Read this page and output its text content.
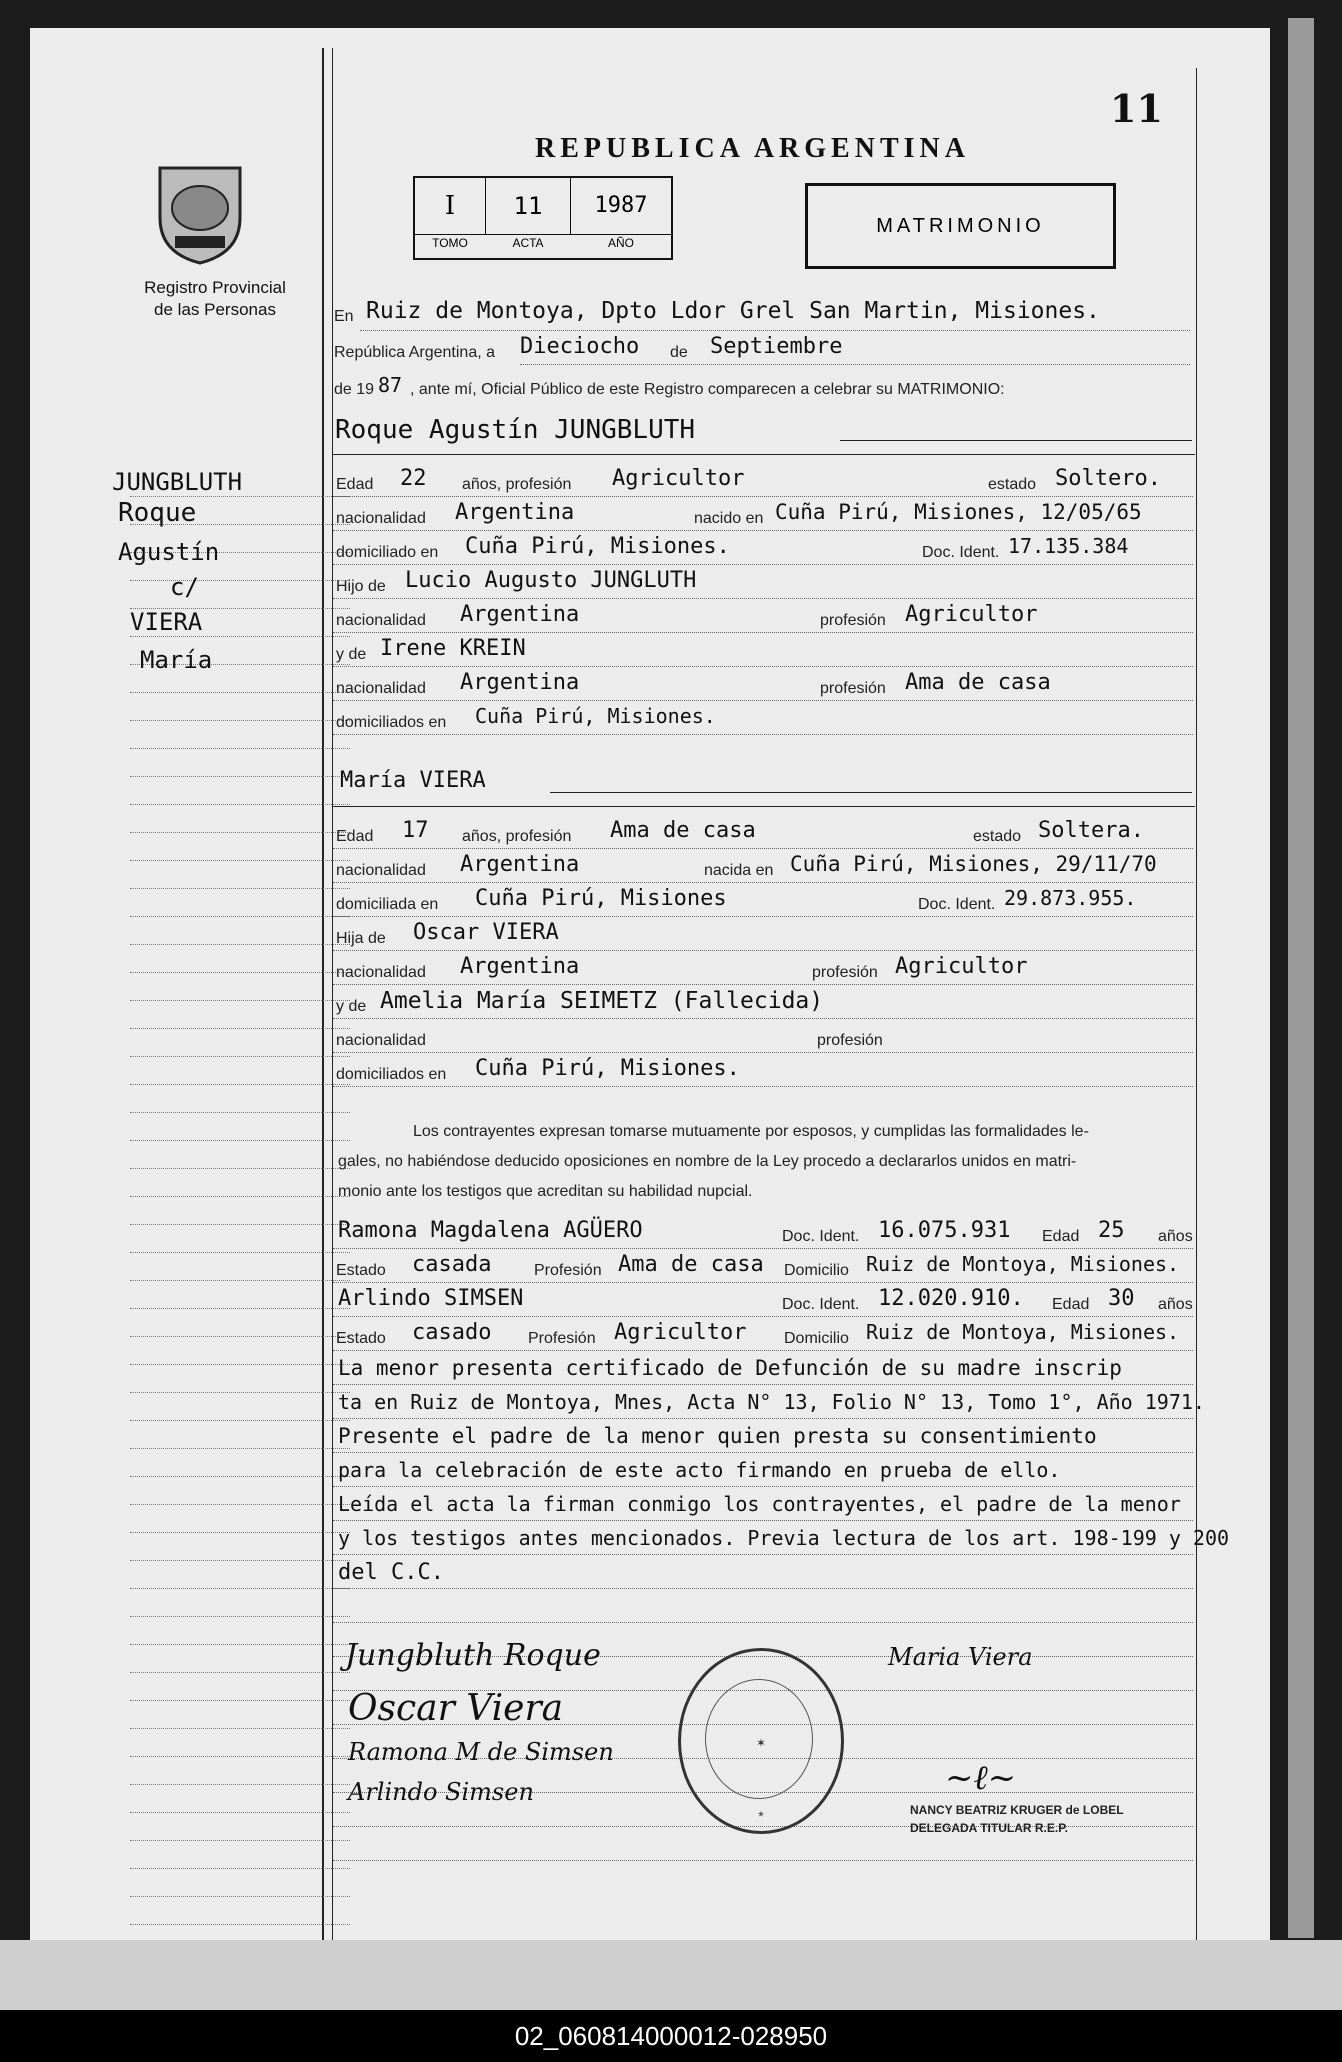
11
REPUBLICA ARGENTINA
Registro Provincial
de las Personas
I	11	1987
TOMO	ACTA	AÑO
MATRIMONIO
JUNGBLUTH
Roque
Agustín
c/
VIERA
María
En Ruiz de Montoya, Dpto Ldor Grel San Martin, Misiones.
República Argentina, a Dieciocho de Septiembre
de 19 87 , ante mí, Oficial Público de este Registro comparecen a celebrar su MATRIMONIO:
Roque Agustín JUNGBLUTH
Edad 22 años, profesión Agricultor	estado Soltero.
nacionalidad Argentina	nacido en Cuña Pirú, Misiones, 12/05/65
domiciliado en Cuña Pirú, Misiones.	Doc. Ident. 17.135.384
Hijo de Lucio Augusto JUNGLUTH
nacionalidad Argentina	profesión Agricultor
y de Irene KREIN
nacionalidad Argentina	profesión Ama de casa
domiciliados en Cuña Pirú, Misiones.
María VIERA
Edad 17 años, profesión Ama de casa	estado Soltera.
nacionalidad Argentina	nacida en Cuña Pirú, Misiones, 29/11/70
domiciliada en Cuña Pirú, Misiones	Doc. Ident. 29.873.955.
Hija de Oscar VIERA
nacionalidad Argentina	profesión Agricultor
y de Amelia María SEIMETZ (Fallecida)
nacionalidad	profesión
domiciliados en Cuña Pirú, Misiones.
Los contrayentes expresan tomarse mutuamente por esposos, y cumplidas las formalidades le-
gales, no habiéndose deducido oposiciones en nombre de la Ley procedo a declararlos unidos en matri-
monio ante los testigos que acreditan su habilidad nupcial.
Ramona Magdalena AGÜERO	Doc. Ident. 16.075.931 Edad 25 años
Estado casada	Profesión Ama de casa Domicilio Ruiz de Montoya, Misiones.
Arlindo SIMSEN	Doc. Ident. 12.020.910. Edad 30 años
Estado casado Profesión Agricultor Domicilio Ruiz de Montoya, Misiones.
La menor presenta certificado de Defunción de su madre inscrip
ta en Ruiz de Montoya, Mnes, Acta N° 13, Folio N° 13, Tomo 1°, Año 1971.
Presente el padre de la menor quien presta su consentimiento
para la celebración de este acto firmando en prueba de ello.
Leída el acta la firman conmigo los contrayentes, el padre de la menor
y los testigos antes mencionados. Previa lectura de los art. 198-199 y 200
del C.C.
Jungbluth Roque	Maria Viera
Oscar Viera
Ramona M de Simsen
Arlindo Simsen
✶
*
~ℓ~
NANCY BEATRIZ KRUGER de LOBEL
DELEGADA TITULAR R.E.P.
02_060814000012-028950
